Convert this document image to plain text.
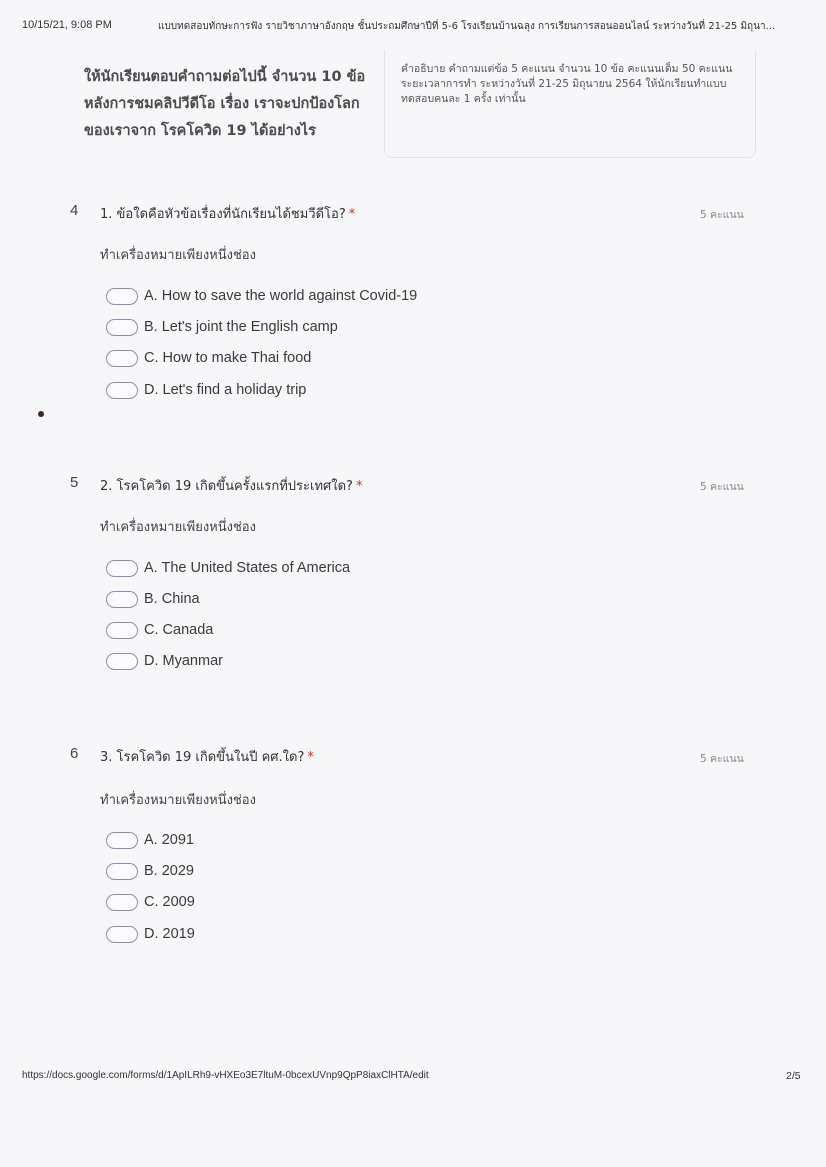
10/15/21, 9:08 PM	แบบทดสอบทักษะการฟัง รายวิชาภาษาอังกฤษ ชั้นประถมศึกษาปีที่ 5-6 โรงเรียนบ้านฉลุง การเรียนการสอนออนไลน์ ระหว่างวันที่ 21-25 มิถุนา...
ให้นักเรียนตอบคำถามต่อไปนี้ จำนวน 10 ข้อ หลังการชมคลิปวีดีโอ เรื่อง เราจะปกป้องโลกของเราจาก โรคโควิด 19 ได้อย่างไร
คำอธิบาย คำถามแต่ข้อ 5 คะแนน จำนวน 10 ข้อ คะแนนเต็ม 50 คะแนน ระยะเวลาการทำ ระหว่างวันที่ 21-25 มิถุนายน 2564 ให้นักเรียนทำแบบทดสอบคนละ 1 ครั้ง เท่านั้น
4 1. ข้อใดคือหัวข้อเรื่องที่นักเรียนได้ชมวีดีโอ? *	5 คะแนน
ทำเครื่องหมายเพียงหนึ่งช่อง
A. How to save the world against Covid-19
B. Let's joint the English camp
C. How to make Thai food
D. Let's find a holiday trip
5 2. โรคโควิด 19 เกิดขึ้นครั้งแรกที่ประเทศใด? *	5 คะแนน
ทำเครื่องหมายเพียงหนึ่งช่อง
A. The United States of America
B. China
C. Canada
D. Myanmar
6 3. โรคโควิด 19 เกิดขึ้นในปี คศ.ใด? *	5 คะแนน
ทำเครื่องหมายเพียงหนึ่งช่อง
A. 2091
B. 2029
C. 2009
D. 2019
https://docs.google.com/forms/d/1ApILRh9-vHXEo3E7ltuM-0bcexUVnp9QpP8iaxClHTA/edit	2/5
